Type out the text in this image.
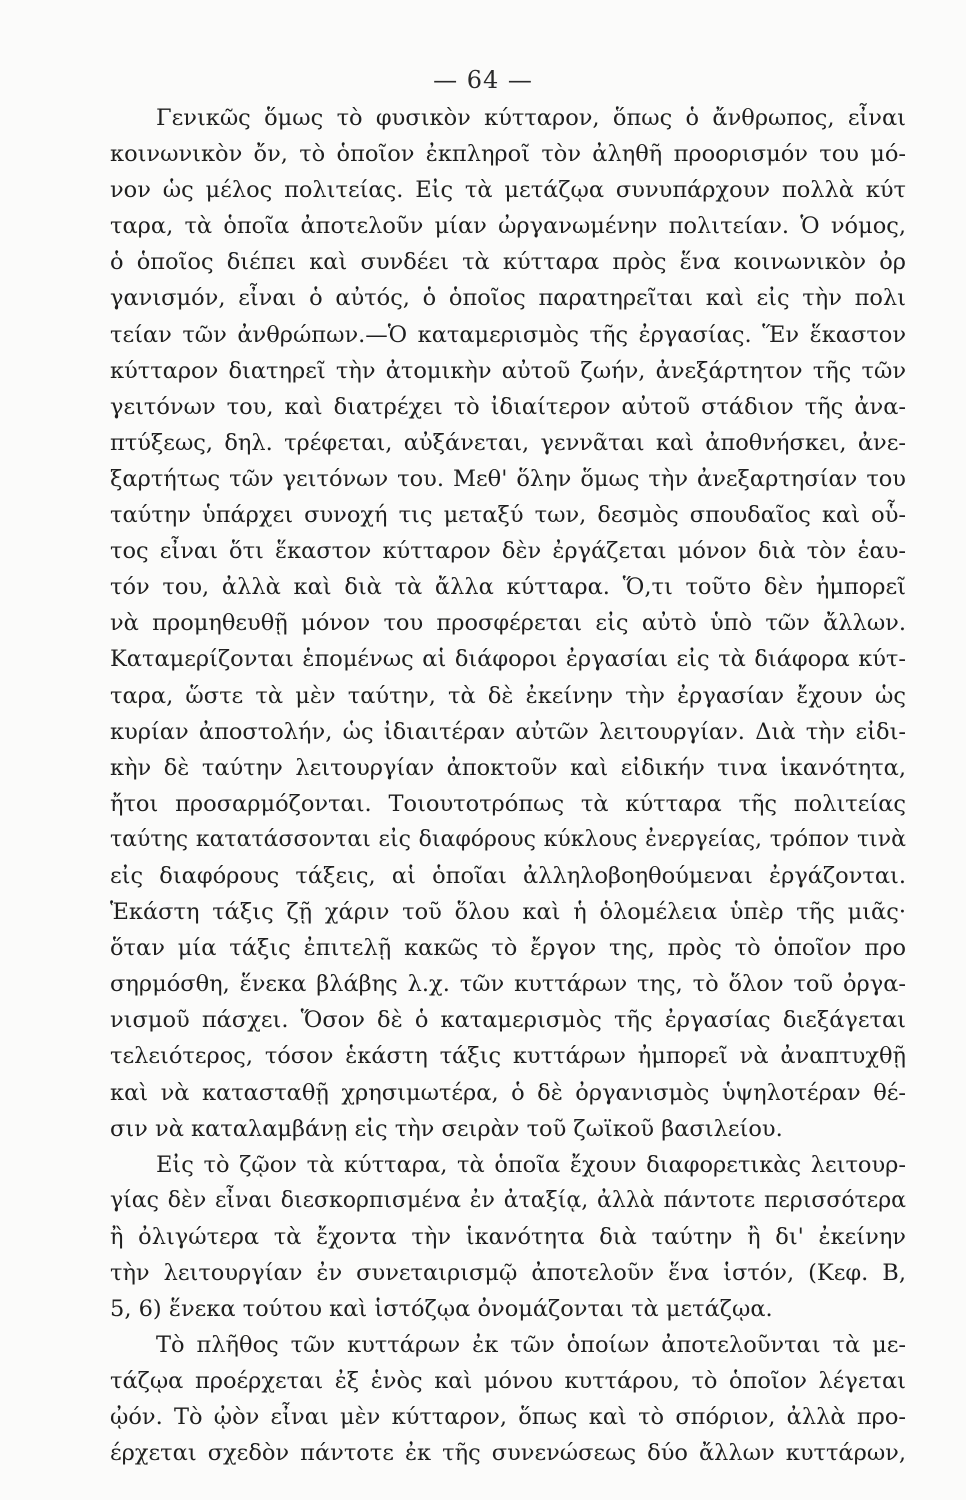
— 64 —
Γενικῶς ὅμως τὸ φυσικὸν κύτταρον, ὅπως ὁ ἄνθρωπος, εἶναι
κοινωνικὸν ὄν, τὸ ὁποῖον ἐκπληροῖ τὸν ἀληθῆ προορισμόν του μό-
νον ὡς μέλος πολιτείας. Εἰς τὰ μετάζῳα συνυπάρχουν πολλὰ κύτ
ταρα, τὰ ὁποῖα ἀποτελοῦν μίαν ὠργανωμένην πολιτείαν. Ὁ νόμος,
ὁ ὁποῖος διέπει καὶ συνδέει τὰ κύτταρα πρὸς ἕνα κοινωνικὸν ὀρ
γανισμόν, εἶναι ὁ αὐτός, ὁ ὁποῖος παρατηρεῖται καὶ εἰς τὴν πολι
τείαν τῶν ἀνθρώπων.—Ὁ καταμερισμὸς τῆς ἐργασίας. Ἕν ἕκαστον
κύτταρον διατηρεῖ τὴν ἀτομικὴν αὐτοῦ ζωήν, ἀνεξάρτητον τῆς τῶν
γειτόνων του, καὶ διατρέχει τὸ ἰδιαίτερον αὐτοῦ στάδιον τῆς ἀνα-
πτύξεως, δηλ. τρέφεται, αὐξάνεται, γεννᾶται καὶ ἀποθνήσκει, ἀνε-
ξαρτήτως τῶν γειτόνων του. Μεθ' ὅλην ὅμως τὴν ἀνεξαρτησίαν του
ταύτην ὑπάρχει συνοχή τις μεταξύ των, δεσμὸς σπουδαῖος καὶ οὗ-
τος εἶναι ὅτι ἕκαστον κύτταρον δὲν ἐργάζεται μόνον διὰ τὸν ἑαυ-
τόν του, ἀλλὰ καὶ διὰ τὰ ἄλλα κύτταρα. Ὅ,τι τοῦτο δὲν ἠμπορεῖ
νὰ προμηθευθῇ μόνον του προσφέρεται εἰς αὐτὸ ὑπὸ τῶν ἄλλων.
Καταμερίζονται ἑπομένως αἱ διάφοροι ἐργασίαι εἰς τὰ διάφορα κύτ-
ταρα, ὥστε τὰ μὲν ταύτην, τὰ δὲ ἐκείνην τὴν ἐργασίαν ἔχουν ὡς
κυρίαν ἀποστολήν, ὡς ἰδιαιτέραν αὐτῶν λειτουργίαν. Διὰ τὴν εἰδι-
κὴν δὲ ταύτην λειτουργίαν ἀποκτοῦν καὶ εἰδικήν τινα ἱκανότητα,
ἤτοι προσαρμόζονται. Τοιουτοτρόπως τὰ κύτταρα τῆς πολιτείας
ταύτης κατατάσσονται εἰς διαφόρους κύκλους ἐνεργείας, τρόπον τινὰ
εἰς διαφόρους τάξεις, αἱ ὁποῖαι ἀλληλοβοηθούμεναι ἐργάζονται.
Ἑκάστη τάξις ζῇ χάριν τοῦ ὅλου καὶ ἡ ὁλομέλεια ὑπὲρ τῆς μιᾶς·
ὅταν μία τάξις ἐπιτελῇ κακῶς τὸ ἔργον της, πρὸς τὸ ὁποῖον προ
σηρμόσθη, ἕνεκα βλάβης λ.χ. τῶν κυττάρων της, τὸ ὅλον τοῦ ὀργα-
νισμοῦ πάσχει. Ὅσον δὲ ὁ καταμερισμὸς τῆς ἐργασίας διεξάγεται
τελειότερος, τόσον ἑκάστη τάξις κυττάρων ἠμπορεῖ νὰ ἀναπτυχθῇ
καὶ νὰ κατασταθῇ χρησιμωτέρα, ὁ δὲ ὀργανισμὸς ὑψηλοτέραν θέ-
σιν νὰ καταλαμβάνῃ εἰς τὴν σειρὰν τοῦ ζωϊκοῦ βασιλείου.
Εἰς τὸ ζῷον τὰ κύτταρα, τὰ ὁποῖα ἔχουν διαφορετικὰς λειτουρ-
γίας δὲν εἶναι διεσκορπισμένα ἐν ἀταξίᾳ, ἀλλὰ πάντοτε περισσότερα
ἢ ὀλιγώτερα τὰ ἔχοντα τὴν ἱκανότητα διὰ ταύτην ἢ δι' ἐκείνην
τὴν λειτουργίαν ἐν συνεταιρισμῷ ἀποτελοῦν ἕνα ἱστόν, (Κεφ. Β,
5, 6) ἕνεκα τούτου καὶ ἱστόζῳα ὀνομάζονται τὰ μετάζῳα.
Τὸ πλῆθος τῶν κυττάρων ἐκ τῶν ὁποίων ἀποτελοῦνται τὰ με-
τάζῳα προέρχεται ἐξ ἑνὸς καὶ μόνου κυττάρου, τὸ ὁποῖον λέγεται
ᾠόν. Τὸ ᾠὸν εἶναι μὲν κύτταρον, ὅπως καὶ τὸ σπόριον, ἀλλὰ προ-
έρχεται σχεδὸν πάντοτε ἐκ τῆς συνενώσεως δύο ἄλλων κυττάρων,
